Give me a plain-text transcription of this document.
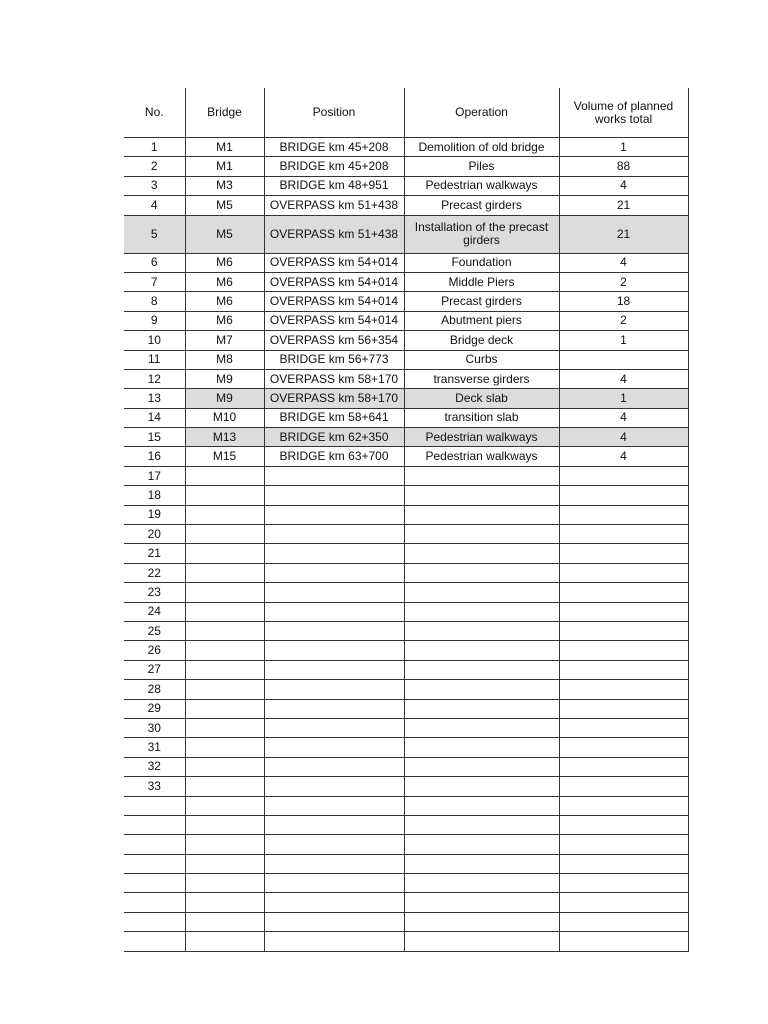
No.	Bridge	Position	Operation	Volume of planned works total
1	M1	BRIDGE km 45+208	Demolition of old bridge	1
2	M1	BRIDGE km 45+208	Piles	88
3	M3	BRIDGE km 48+951	Pedestrian walkways	4
4	M5	OVERPASS km 51+438	Precast girders	21
5	M5	OVERPASS km 51+438	Installation of the precast girders	21
6	M6	OVERPASS km 54+014	Foundation	4
7	M6	OVERPASS km 54+014	Middle Piers	2
8	M6	OVERPASS km 54+014	Precast girders	18
9	M6	OVERPASS km 54+014	Abutment piers	2
10	M7	OVERPASS km 56+354	Bridge deck	1
11	M8	BRIDGE km 56+773	Curbs	
12	M9	OVERPASS km 58+170	transverse girders	4
13	M9	OVERPASS km 58+170	Deck slab	1
14	M10	BRIDGE km 58+641	transition slab	4
15	M13	BRIDGE km 62+350	Pedestrian walkways	4
16	M15	BRIDGE km 63+700	Pedestrian walkways	4
17				
18				
19				
20				
21				
22				
23				
24				
25				
26				
27				
28				
29				
30				
31				
32				
33				
